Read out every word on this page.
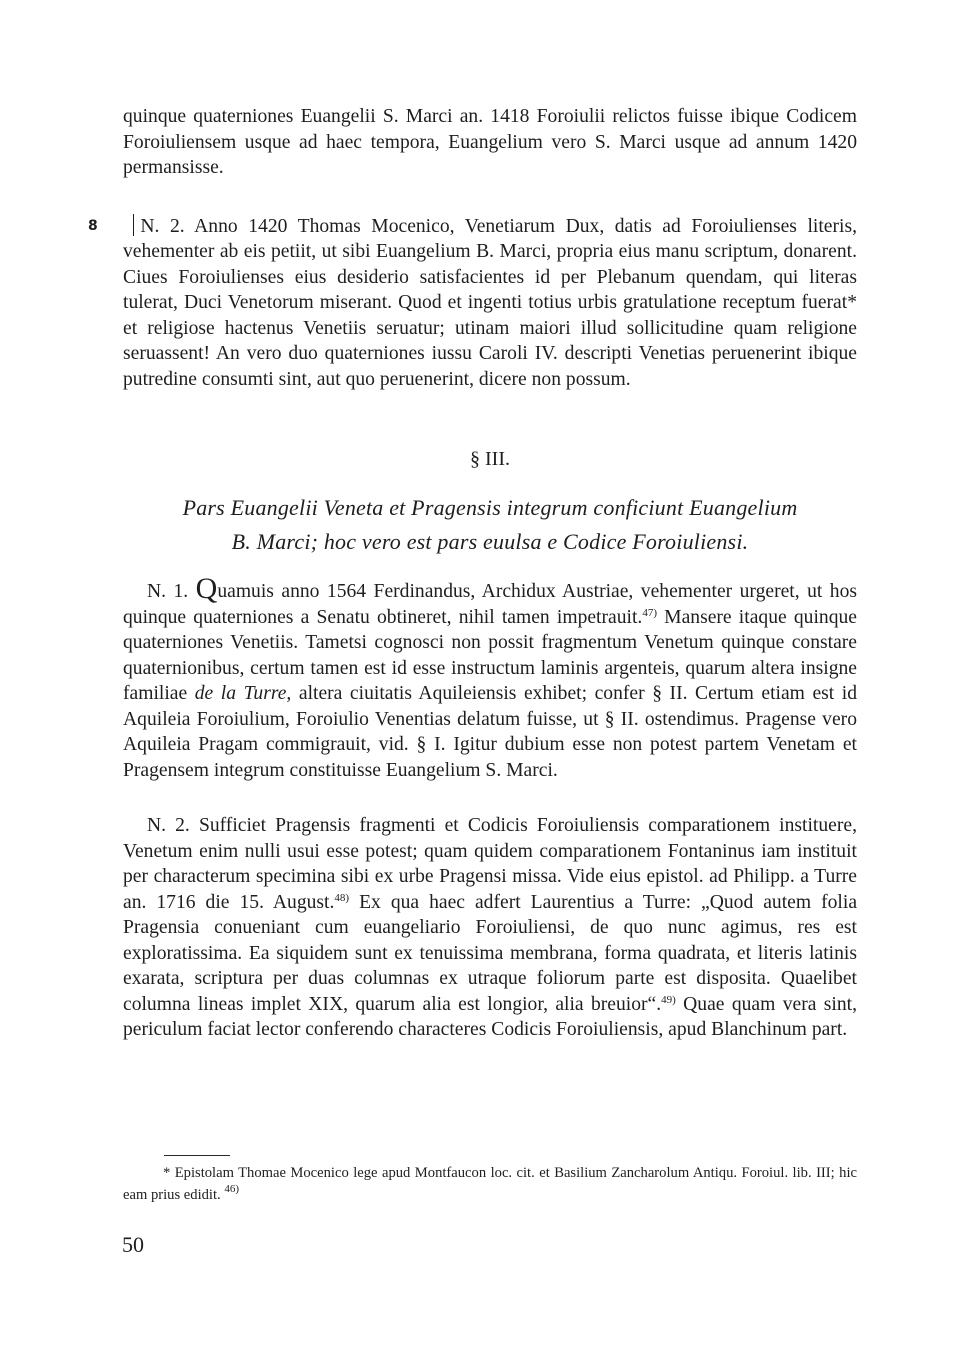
quinque quaterniones Euangelii S. Marci an. 1418 Foroiulii relictos fuisse ibique Codicem Foroiuliensem usque ad haec tempora, Euangelium vero S. Marci usque ad annum 1420 permansisse.

8 N. 2. Anno 1420 Thomas Mocenico, Venetiarum Dux, datis ad Foroiulienses literis, vehementer ab eis petiit, ut sibi Euangelium B. Marci, propria eius manu scriptum, donarent. Ciues Foroiulienses eius desiderio satisfacientes id per Plebanum quendam, qui literas tulerat, Duci Venetorum miserant. Quod et ingenti totius urbis gratulatione receptum fuerat* et religiose hactenus Venetiis seruatur; utinam maiori illud sollicitudine quam religione seruassent! An vero duo quaterniones iussu Caroli IV. descripti Venetias peruenerint ibique putredine consumti sint, aut quo peruenerint, dicere non possum.

§ III.
Pars Euangelii Veneta et Pragensis integrum conficiunt Euangelium
B. Marci; hoc vero est pars euulsa e Codice Foroiuliensi.

N. 1. Quamuis anno 1564 Ferdinandus, Archidux Austriae, vehementer urgeret, ut hos quinque quaterniones a Senatu obtineret, nihil tamen impetrauit.$^{47)}$ Mansere itaque quinque quaterniones Venetiis. Tametsi cognosci non possit fragmentum Venetum quinque constare quaternionibus, certum tamen est id esse instructum laminis argenteis, quarum altera insigne familiae de la Turre, altera ciuitatis Aquileiensis exhibet; confer § II. Certum etiam est id Aquileia Foroiulium, Foroiulio Venentias delatum fuisse, ut § II. ostendimus. Pragense vero Aquileia Pragam commigrauit, vid. § I. Igitur dubium esse non potest partem Venetam et Pragensem integrum constituisse Euangelium S. Marci.

N. 2. Sufficiet Pragensis fragmenti et Codicis Foroiuliensis comparationem instituere, Venetum enim nulli usui esse potest; quam quidem comparationem Fontaninus iam instituit per characterum specimina sibi ex urbe Pragensi missa. Vide eius epistol. ad Philipp. a Turre an. 1716 die 15. August.$^{48)}$ Ex qua haec adfert Laurentius a Turre: „Quod autem folia Pragensia conueniant cum euangeliario Foroiuliensi, de quo nunc agimus, res est exploratissima. Ea siquidem sunt ex tenuissima membrana, forma quadrata, et literis latinis exarata, scriptura per duas columnas ex utraque foliorum parte est disposita. Quaelibet columna lineas implet XIX, quarum alia est longior, alia breuior“.$^{49)}$ Quae quam vera sint, periculum faciat lector conferendo characteres Codicis Foroiuliensis, apud Blanchinum part.

* Epistolam Thomae Mocenico lege apud Montfaucon loc. cit. et Basilium Zancharolum Antiqu. Foroiul. lib. III; hic eam prius edidit. $^{46)}$

50
